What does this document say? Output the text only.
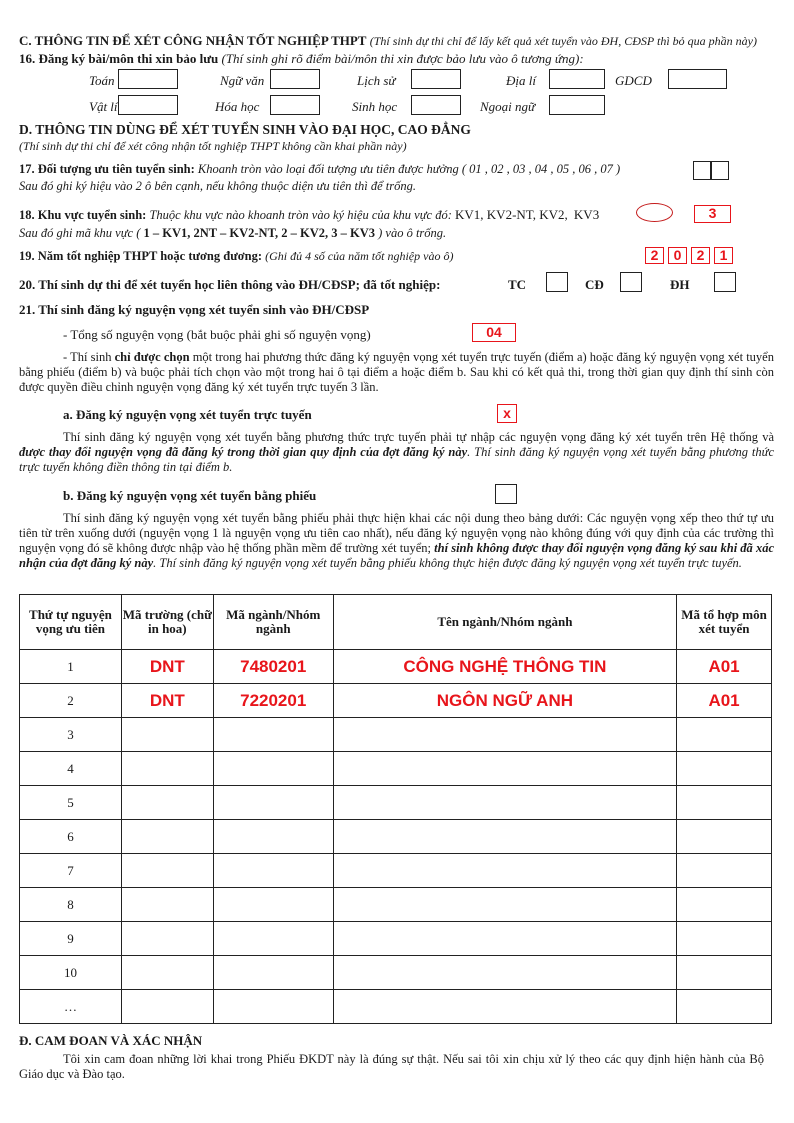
C. THÔNG TIN ĐỂ XÉT CÔNG NHẬN TỐT NGHIỆP THPT (Thí sinh dự thi chỉ để lấy kết quả xét tuyển vào ĐH, CĐSP thì bỏ qua phần này)
16. Đăng ký bài/môn thi xin bảo lưu (Thí sinh ghi rõ điểm bài/môn thi xin được bảo lưu vào ô tương ứng):
Toán	Ngữ văn	Lịch sử	Địa lí	GDCD
Vật lí	Hóa học	Sinh học	Ngoại ngữ
D. THÔNG TIN DÙNG ĐỂ XÉT TUYỂN SINH VÀO ĐẠI HỌC, CAO ĐẲNG
(Thí sinh dự thi chỉ để xét công nhận tốt nghiệp THPT không cần khai phần này)
17. Đối tượng ưu tiên tuyển sinh: Khoanh tròn vào loại đối tượng ưu tiên được hưởng ( 01 , 02 , 03 , 04 , 05 , 06 , 07 )
Sau đó ghi ký hiệu vào 2 ô bên cạnh, nếu không thuộc diện ưu tiên thì để trống.
18. Khu vực tuyển sinh: Thuộc khu vực nào khoanh tròn vào ký hiệu của khu vực đó: KV1, KV2-NT, KV2, KV3	3
Sau đó ghi mã khu vực ( 1 – KV1, 2NT – KV2-NT, 2 – KV2, 3 – KV3 ) vào ô trống.
19. Năm tốt nghiệp THPT hoặc tương đương: (Ghi đủ 4 số của năm tốt nghiệp vào ô)	2	0	2	1
20. Thí sinh dự thi để xét tuyển học liên thông vào ĐH/CĐSP; đã tốt nghiệp:	TC	CĐ	ĐH
21. Thí sinh đăng ký nguyện vọng xét tuyển sinh vào ĐH/CĐSP
- Tổng số nguyện vọng (bắt buộc phải ghi số nguyện vọng)	04
- Thí sinh chỉ được chọn một trong hai phương thức đăng ký nguyện vọng xét tuyển trực tuyến (điểm a) hoặc đăng ký nguyện vọng xét tuyển bằng phiếu (điểm b) và buộc phải tích chọn vào một trong hai ô tại điểm a hoặc điểm b. Sau khi có kết quả thi, trong thời gian quy định thí sinh còn được quyền điều chỉnh nguyện vọng đăng ký xét tuyển trực tuyến 3 lần.
a. Đăng ký nguyện vọng xét tuyển trực tuyến	x
Thí sinh đăng ký nguyện vọng xét tuyển bằng phương thức trực tuyến phải tự nhập các nguyện vọng đăng ký xét tuyển trên Hệ thống và được thay đổi nguyện vọng đã đăng ký trong thời gian quy định của đợt đăng ký này. Thí sinh đăng ký nguyện vọng xét tuyển bằng phương thức trực tuyến không điền thông tin tại điểm b.
b. Đăng ký nguyện vọng xét tuyển bằng phiếu
Thí sinh đăng ký nguyện vọng xét tuyển bằng phiếu phải thực hiện khai các nội dung theo bảng dưới: Các nguyện vọng xếp theo thứ tự ưu tiên từ trên xuống dưới (nguyện vọng 1 là nguyện vọng ưu tiên cao nhất), nếu đăng ký nguyện vọng nào không đúng với quy định của các trường thì nguyện vọng đó sẽ không được nhập vào hệ thống phần mềm để trường xét tuyển; thí sinh không được thay đổi nguyện vọng đăng ký sau khi đã xác nhận của đợt đăng ký này. Thí sinh đăng ký nguyện vọng xét tuyển bằng phiếu không thực hiện được đăng ký nguyện vọng xét tuyển trực tuyến.
Thứ tự nguyện vọng ưu tiên	Mã trường (chữ in hoa)	Mã ngành/Nhóm ngành	Tên ngành/Nhóm ngành	Mã tổ hợp môn xét tuyển
1	DNT	7480201	CÔNG NGHỆ THÔNG TIN	A01
2	DNT	7220201	NGÔN NGỮ ANH	A01
3				
4				
5				
6				
7				
8				
9				
10				
…				
Đ. CAM ĐOAN VÀ XÁC NHẬN
Tôi xin cam đoan những lời khai trong Phiếu ĐKDT này là đúng sự thật. Nếu sai tôi xin chịu xử lý theo các quy định hiện hành của Bộ Giáo dục và Đào tạo.
